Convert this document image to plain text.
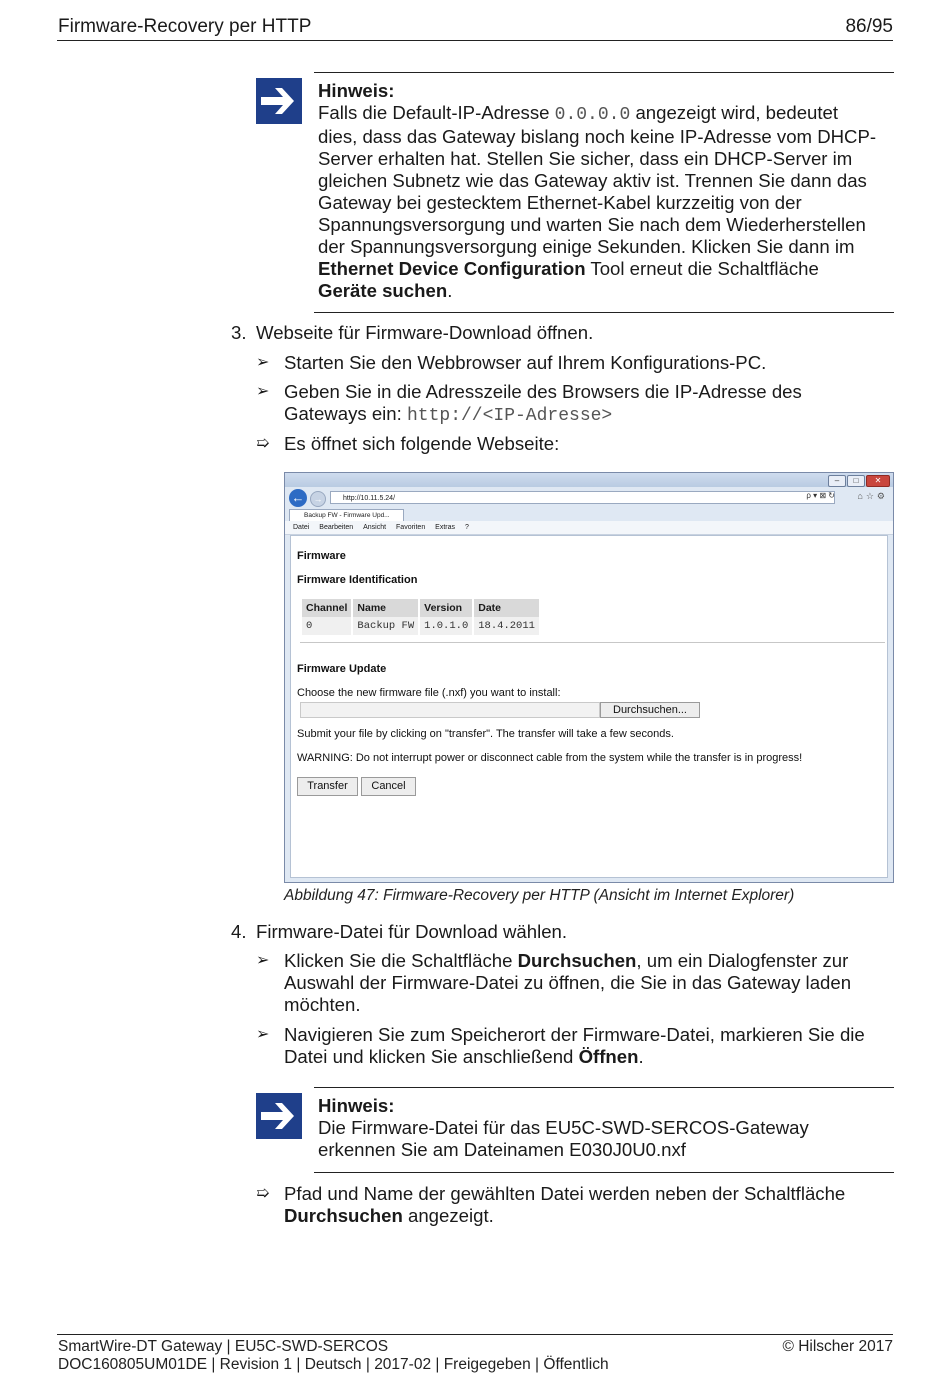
Firmware-Recovery per HTTP	86/95
Hinweis:
Falls die Default-IP-Adresse 0.0.0.0 angezeigt wird, bedeutet
dies, dass das Gateway bislang noch keine IP-Adresse vom DHCP-
Server erhalten hat. Stellen Sie sicher, dass ein DHCP-Server im
gleichen Subnetz wie das Gateway aktiv ist. Trennen Sie dann das
Gateway bei gestecktem Ethernet-Kabel kurzzeitig von der
Spannungsversorgung und warten Sie nach dem Wiederherstellen
der Spannungsversorgung einige Sekunden. Klicken Sie dann im
Ethernet Device Configuration Tool erneut die Schaltfläche
Geräte suchen.
3. Webseite für Firmware-Download öffnen.
➢ Starten Sie den Webbrowser auf Ihrem Konfigurations-PC.
➢ Geben Sie in die Adresszeile des Browsers die IP-Adresse des
Gateways ein: http://<IP-Adresse>
➯ Es öffnet sich folgende Webseite:
–	□	✕
←	→	http://10.11.5.24/	ρ ▾ ⊠ ↻ ⌂☆⚙
Backup FW - Firmware Upd...
Datei Bearbeiten Ansicht Favoriten Extras ?
Firmware
Firmware Identification
Channel	Name	Version	Date
0	Backup FW	1.0.1.0	18.4.2011
Firmware Update
Choose the new firmware file (.nxf) you want to install:
Durchsuchen...
Submit your file by clicking on "transfer". The transfer will take a few seconds.
WARNING: Do not interrupt power or disconnect cable from the system while the transfer is in progress!
Transfer	Cancel
Abbildung 47: Firmware-Recovery per HTTP (Ansicht im Internet Explorer)
4. Firmware-Datei für Download wählen.
➢ Klicken Sie die Schaltfläche Durchsuchen, um ein Dialogfenster zur
Auswahl der Firmware-Datei zu öffnen, die Sie in das Gateway laden
möchten.
➢ Navigieren Sie zum Speicherort der Firmware-Datei, markieren Sie die
Datei und klicken Sie anschließend Öffnen.
Hinweis:
Die Firmware-Datei für das EU5C-SWD-SERCOS-Gateway
erkennen Sie am Dateinamen E030J0U0.nxf
➯ Pfad und Name der gewählten Datei werden neben der Schaltfläche
Durchsuchen angezeigt.
SmartWire-DT Gateway | EU5C-SWD-SERCOS
DOC160805UM01DE | Revision 1 | Deutsch | 2017-02 | Freigegeben | Öffentlich
© Hilscher 2017
